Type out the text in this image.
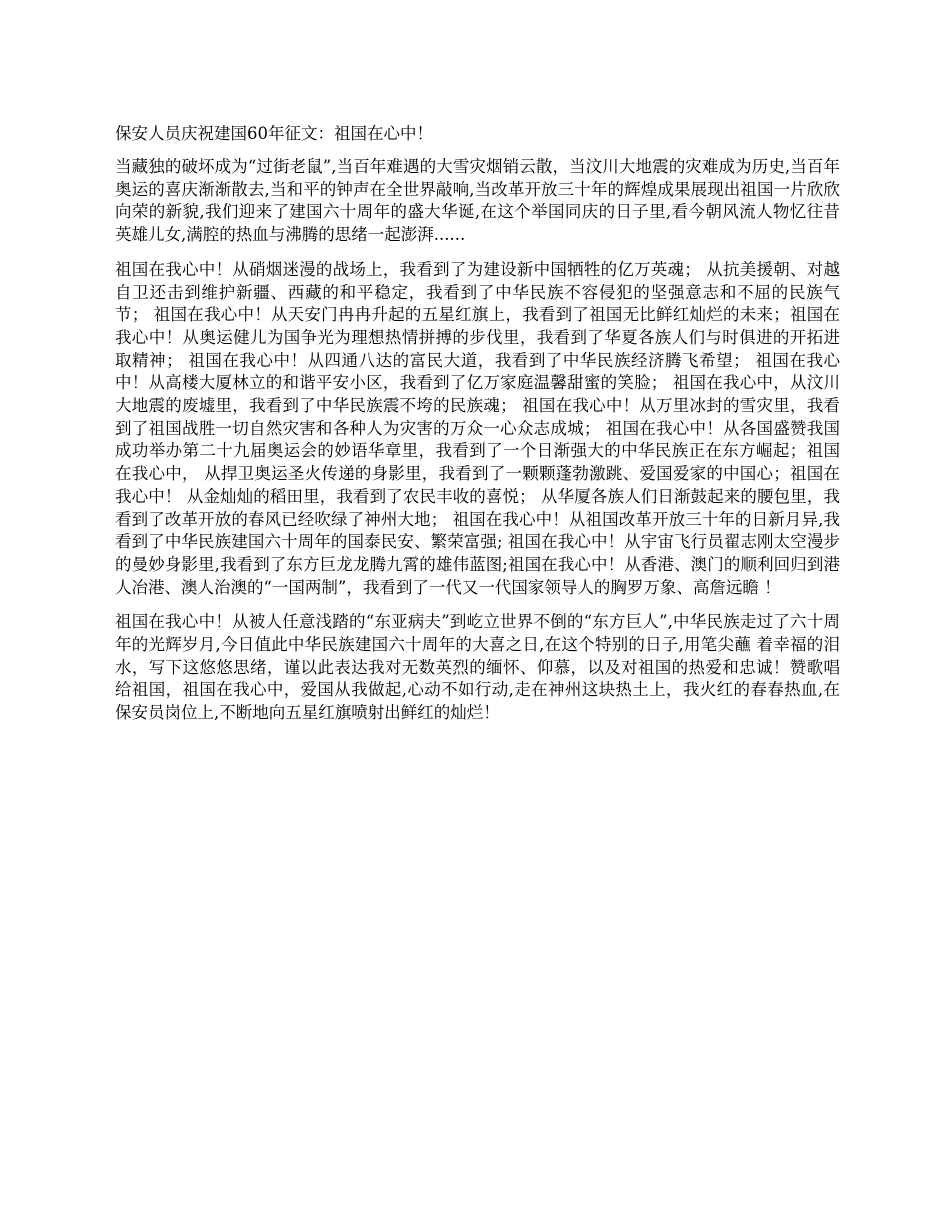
保安人员庆祝建国60年征文：祖国在心中！

当藏独的破坏成为“过街老鼠”,当百年难遇的大雪灾烟销云散，当汶川大地震的灾难成为历史,当百年奥运的喜庆渐渐散去,当和平的钟声在全世界敲响,当改革开放三十年的辉煌成果展现出祖国一片欣欣向荣的新貌,我们迎来了建国六十周年的盛大华诞,在这个举国同庆的日子里,看今朝风流人物忆往昔英雄儿女,满腔的热血与沸腾的思绪一起澎湃......

祖国在我心中！从硝烟迷漫的战场上，我看到了为建设新中国牺牲的亿万英魂； 从抗美援朝、对越自卫还击到维护新疆、西藏的和平稳定，我看到了中华民族不容侵犯的坚强意志和不屈的民族气节； 祖国在我心中！从天安门冉冉升起的五星红旗上，我看到了祖国无比鲜红灿烂的未来；祖国在我心中！从奥运健儿为国争光为理想热情拼搏的步伐里，我看到了华夏各族人们与时俱进的开拓进取精神； 祖国在我心中！从四通八达的富民大道，我看到了中华民族经济腾飞希望； 祖国在我心中！从高楼大厦林立的和谐平安小区，我看到了亿万家庭温馨甜蜜的笑脸； 祖国在我心中，从汶川大地震的废墟里，我看到了中华民族震不垮的民族魂； 祖国在我心中！从万里冰封的雪灾里，我看到了祖国战胜一切自然灾害和各种人为灾害的万众一心众志成城； 祖国在我心中！从各国盛赞我国成功举办第二十九届奥运会的妙语华章里，我看到了一个日渐强大的中华民族正在东方崛起；祖国在我心中， 从捍卫奥运圣火传递的身影里，我看到了一颗颗蓬勃激跳、爱国爱家的中国心；祖国在我心中！ 从金灿灿的稻田里，我看到了农民丰收的喜悦； 从华厦各族人们日渐鼓起来的腰包里，我看到了改革开放的春风已经吹绿了神州大地； 祖国在我心中！从祖国改革开放三十年的日新月异,我看到了中华民族建国六十周年的国泰民安、繁荣富强; 祖国在我心中！从宇宙飞行员翟志刚太空漫步的曼妙身影里,我看到了东方巨龙龙腾九霄的雄伟蓝图;祖国在我心中！从香港、澳门的顺利回归到港人冶港、澳人治澳的“一国两制”，我看到了一代又一代国家领导人的胸罗万象、高詹远瞻 ！

祖国在我心中！从被人任意浅踏的“东亚病夫”到屹立世界不倒的“东方巨人”,中华民族走过了六十周年的光辉岁月,今日值此中华民族建国六十周年的大喜之日,在这个特别的日子,用笔尖蘸 着幸福的泪水，写下这悠悠思绪，谨以此表达我对无数英烈的缅怀、仰慕，以及对祖国的热爱和忠诚！赞歌唱给祖国，祖国在我心中，爱国从我做起,心动不如行动,走在神州这块热土上，我火红的春春热血,在保安员岗位上,不断地向五星红旗喷射出鲜红的灿烂！
